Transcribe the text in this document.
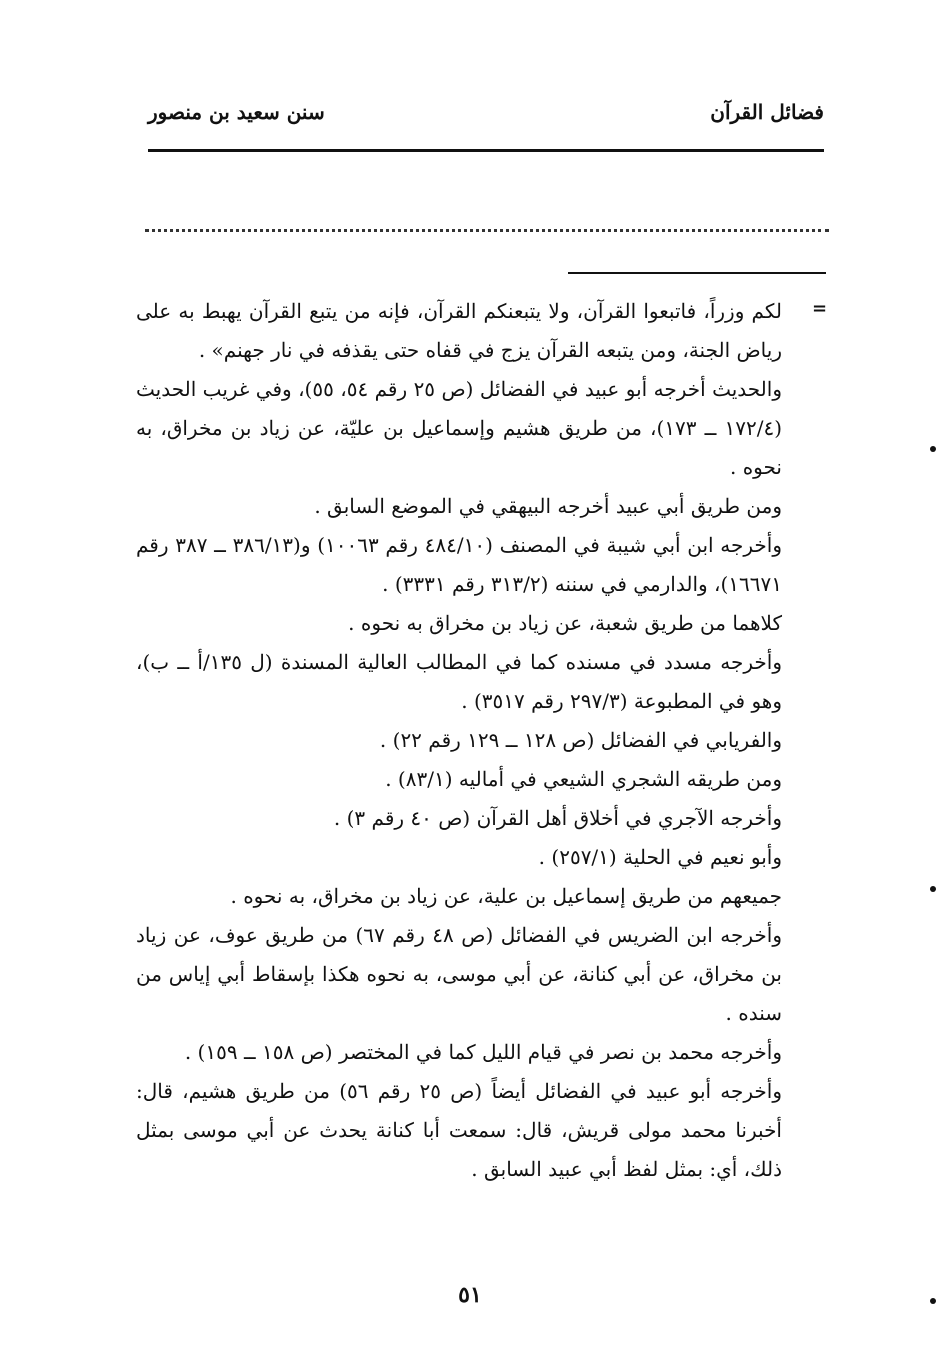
فضائل القرآن
سنن سعيد بن منصور
=

لكم وزراً، فاتبعوا القرآن، ولا يتبعنكم القرآن، فإنه من يتبع القرآن يهبط به على رياض الجنة، ومن يتبعه القرآن يزج في قفاه حتى يقذفه في نار جهنم» .

والحديث أخرجه أبو عبيد في الفضائل (ص ٢٥ رقم ٥٤، ٥٥)، وفي غريب الحديث (١٧٢/٤ ــ ١٧٣)، من طريق هشيم وإسماعيل بن عليّة، عن زياد بن مخراق، به نحوه .

ومن طريق أبي عبيد أخرجه البيهقي في الموضع السابق .

وأخرجه ابن أبي شيبة في المصنف (٤٨٤/١٠ رقم ١٠٠٦٣) و(٣٨٦/١٣ ــ ٣٨٧ رقم ١٦٦٧١)، والدارمي في سننه (٣١٣/٢ رقم ٣٣٣١) .

كلاهما من طريق شعبة، عن زياد بن مخراق به نحوه .

وأخرجه مسدد في مسنده كما في المطالب العالية المسندة (ل ١٣٥/أ ــ ب)، وهو في المطبوعة (٢٩٧/٣ رقم ٣٥١٧) .

والفريابي في الفضائل (ص ١٢٨ ــ ١٢٩ رقم ٢٢) .

ومن طريقه الشجري الشيعي في أماليه (٨٣/١) .

وأخرجه الآجري في أخلاق أهل القرآن (ص ٤٠ رقم ٣) .

وأبو نعيم في الحلية (٢٥٧/١) .

جميعهم من طريق إسماعيل بن علية، عن زياد بن مخراق، به نحوه .

وأخرجه ابن الضريس في الفضائل (ص ٤٨ رقم ٦٧) من طريق عوف، عن زياد بن مخراق، عن أبي كنانة، عن أبي موسى، به نحوه هكذا بإسقاط أبي إياس من سنده .

وأخرجه محمد بن نصر في قيام الليل كما في المختصر (ص ١٥٨ ــ ١٥٩) .

وأخرجه أبو عبيد في الفضائل أيضاً (ص ٢٥ رقم ٥٦) من طريق هشيم، قال: أخبرنا محمد مولى قريش، قال: سمعت أبا كنانة يحدث عن أبي موسى بمثل ذلك، أي: بمثل لفظ أبي عبيد السابق .

٥١
